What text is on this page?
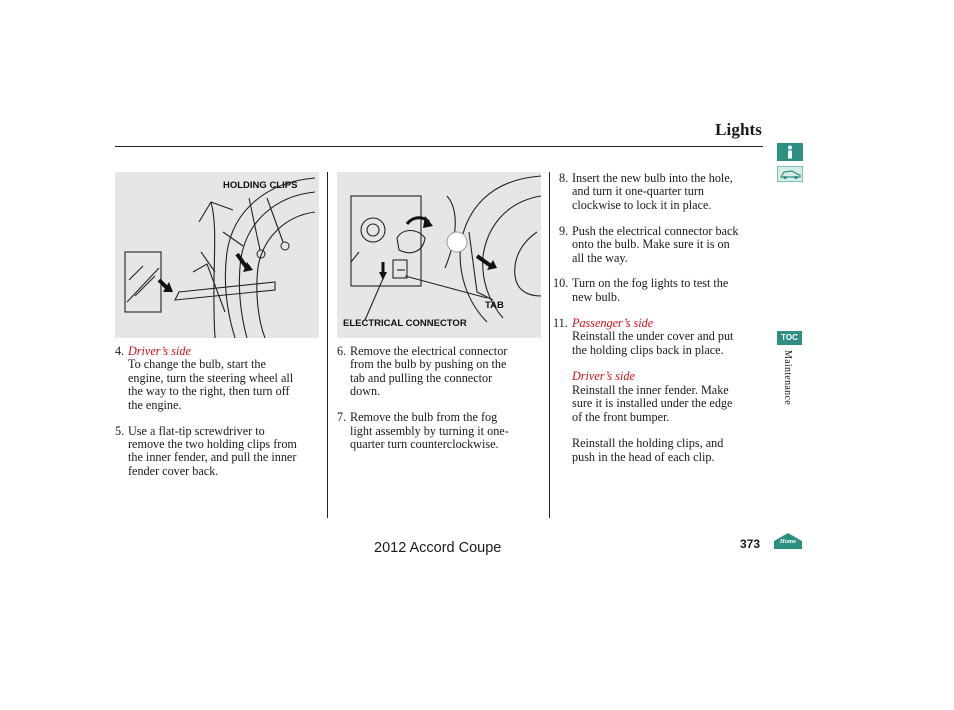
Lights
HOLDING CLIPS
TAB
ELECTRICAL CONNECTOR
4. Driver’s side
To change the bulb, start the
engine, turn the steering wheel all
the way to the right, then turn off
the engine.
5. Use a flat-tip screwdriver to
remove the two holding clips from
the inner fender, and pull the inner
fender cover back.
6. Remove the electrical connector
from the bulb by pushing on the
tab and pulling the connector
down.
7. Remove the bulb from the fog
light assembly by turning it one-
quarter turn counterclockwise.
8. Insert the new bulb into the hole,
and turn it one-quarter turn
clockwise to lock it in place.
9. Push the electrical connector back
onto the bulb. Make sure it is on
all the way.
10. Turn on the fog lights to test the
new bulb.
11. Passenger’s side
Reinstall the under cover and put
the holding clips back in place.
Driver’s side
Reinstall the inner fender. Make
sure it is installed under the edge
of the front bumper.
Reinstall the holding clips, and
push in the head of each clip.
TOC
Maintenance
2012 Accord Coupe	373	Home
